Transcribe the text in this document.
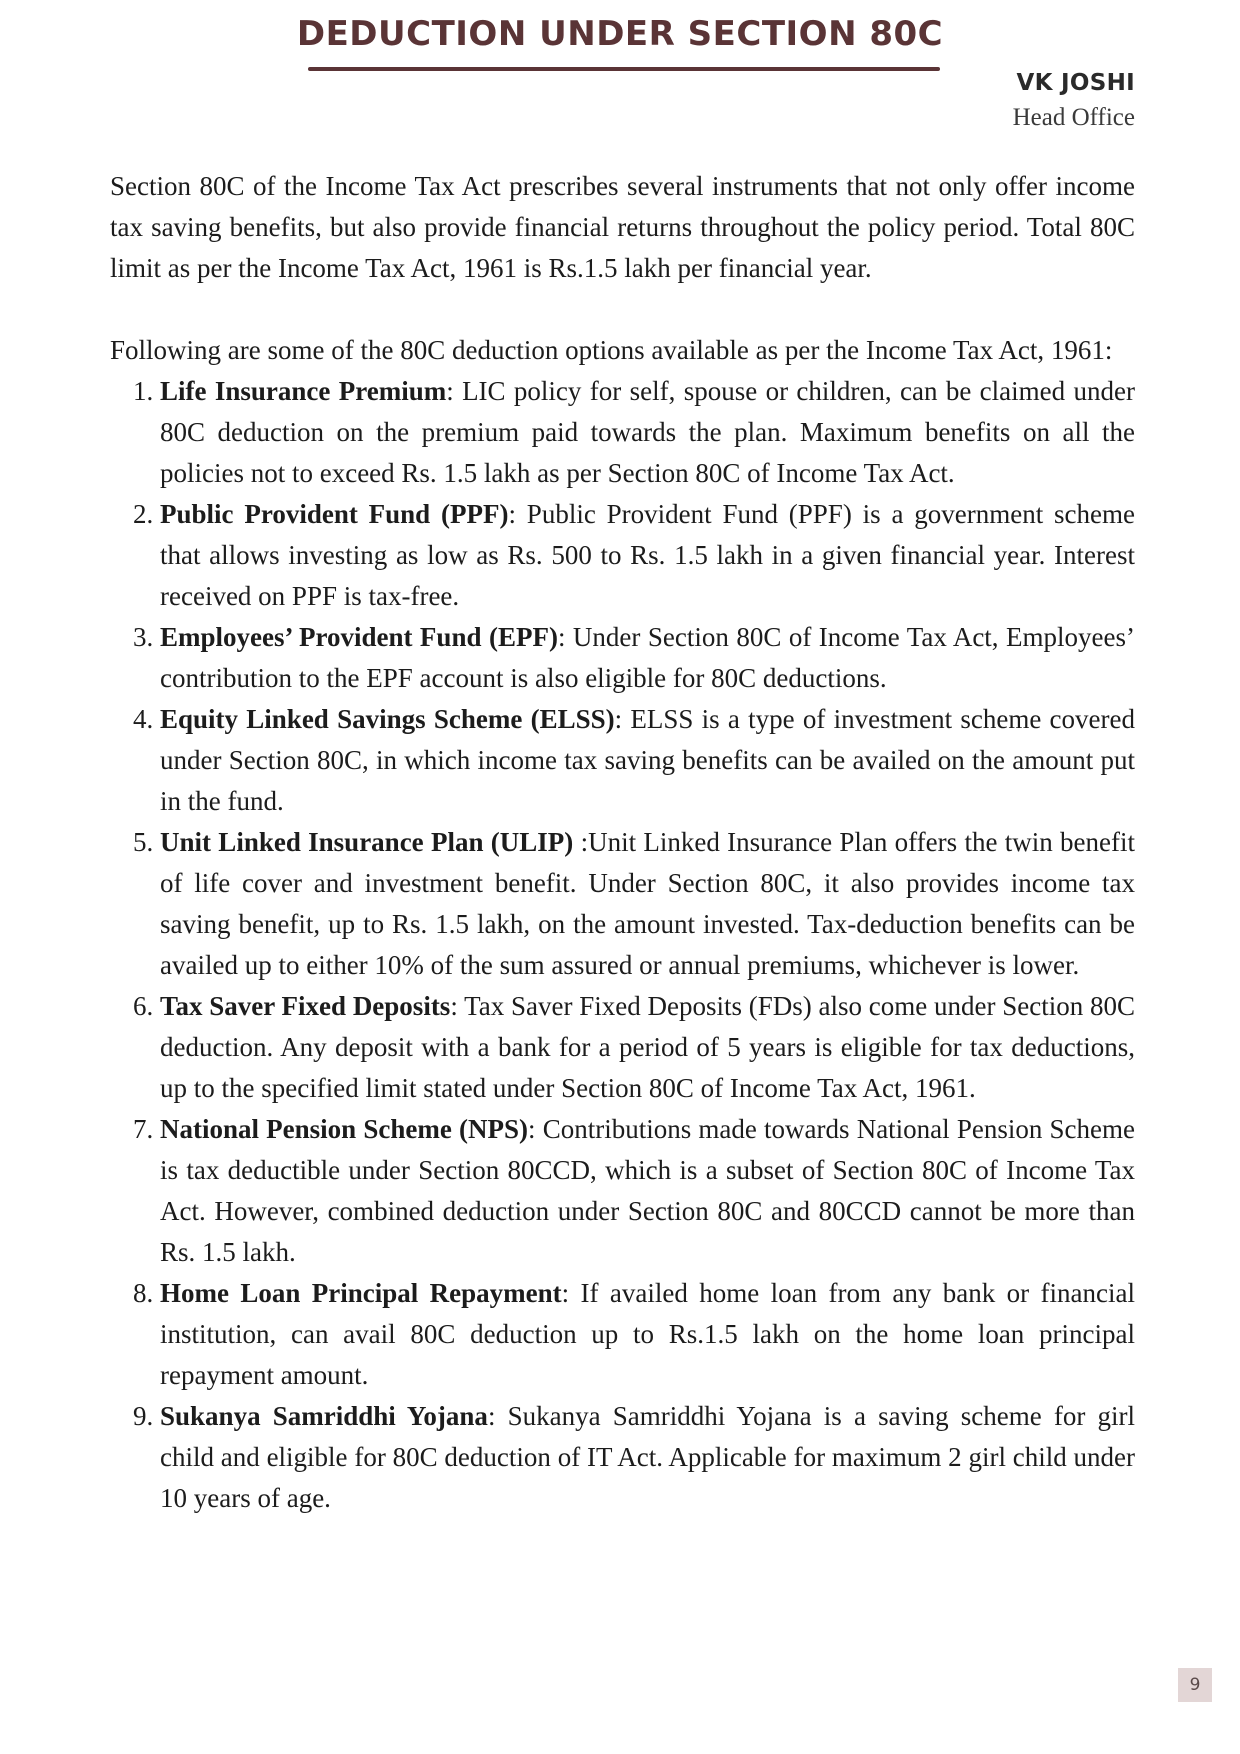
DEDUCTION UNDER SECTION 80C
VK JOSHI
Head Office

Section 80C of the Income Tax Act prescribes several instruments that not only offer income tax saving benefits, but also provide financial returns throughout the policy period. Total 80C limit as per the Income Tax Act, 1961 is Rs.1.5 lakh per financial year.

Following are some of the 80C deduction options available as per the Income Tax Act, 1961:

1. Life Insurance Premium: LIC policy for self, spouse or children, can be claimed under 80C deduction on the premium paid towards the plan. Maximum benefits on all the policies not to exceed Rs. 1.5 lakh as per Section 80C of Income Tax Act.
2. Public Provident Fund (PPF): Public Provident Fund (PPF) is a government scheme that allows investing as low as Rs. 500 to Rs. 1.5 lakh in a given financial year. Interest received on PPF is tax-free.
3. Employees’ Provident Fund (EPF): Under Section 80C of Income Tax Act, Employees’ contribution to the EPF account is also eligible for 80C deductions.
4. Equity Linked Savings Scheme (ELSS): ELSS is a type of investment scheme covered under Section 80C, in which income tax saving benefits can be availed on the amount put in the fund.
5. Unit Linked Insurance Plan (ULIP) :Unit Linked Insurance Plan offers the twin benefit of life cover and investment benefit. Under Section 80C, it also provides income tax saving benefit, up to Rs. 1.5 lakh, on the amount invested. Tax-deduction benefits can be availed up to either 10% of the sum assured or annual premiums, whichever is lower.
6. Tax Saver Fixed Deposits: Tax Saver Fixed Deposits (FDs) also come under Section 80C deduction. Any deposit with a bank for a period of 5 years is eligible for tax deductions, up to the specified limit stated under Section 80C of Income Tax Act, 1961.
7. National Pension Scheme (NPS): Contributions made towards National Pension Scheme is tax deductible under Section 80CCD, which is a subset of Section 80C of Income Tax Act. However, combined deduction under Section 80C and 80CCD cannot be more than Rs. 1.5 lakh.
8. Home Loan Principal Repayment: If availed home loan from any bank or financial institution, can avail 80C deduction up to Rs.1.5 lakh on the home loan principal repayment amount.
9. Sukanya Samriddhi Yojana: Sukanya Samriddhi Yojana is a saving scheme for girl child and eligible for 80C deduction of IT Act. Applicable for maximum 2 girl child under 10 years of age.
9
